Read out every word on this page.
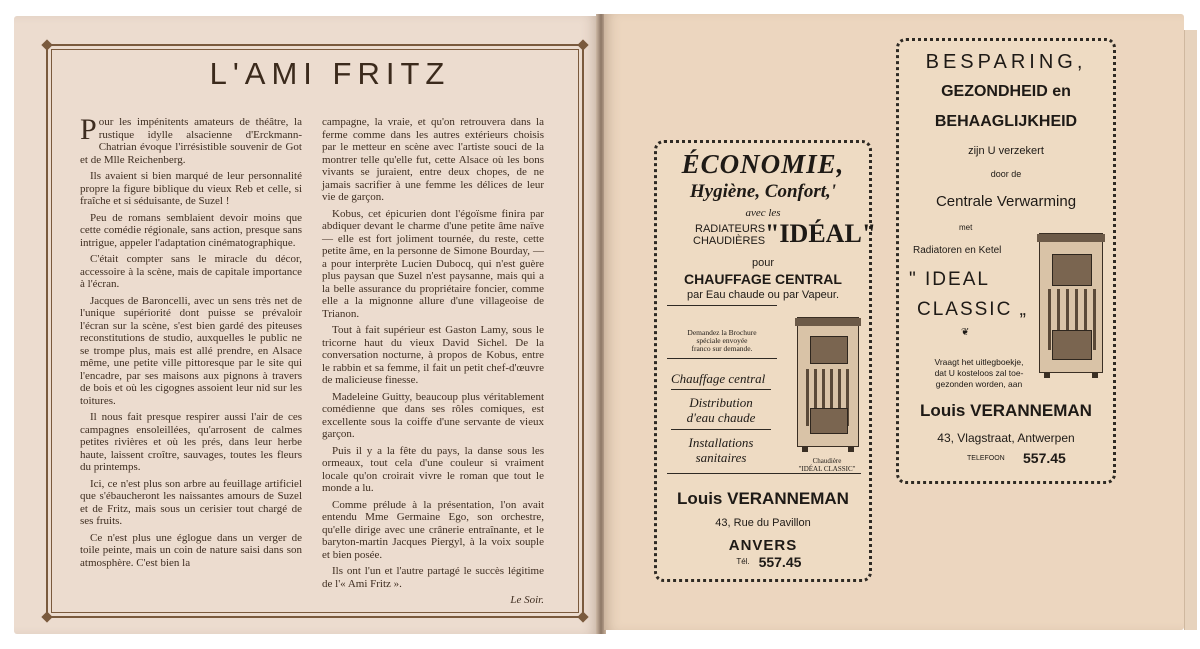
L'AMI FRITZ

Pour les impénitents amateurs de théâtre, la rustique idylle alsacienne d'Erckmann-Chatrian évoque l'irrésistible souvenir de Got et de Mlle Reichenberg.

Ils avaient si bien marqué de leur personnalité propre la figure biblique du vieux Reb et celle, si fraîche et si séduisante, de Suzel !

Peu de romans semblaient devoir moins que cette comédie régionale, sans action, presque sans intrigue, appeler l'adaptation cinématographique.

C'était compter sans le miracle du décor, accessoire à la scène, mais de capitale importance à l'écran.

Jacques de Baroncelli, avec un sens très net de l'unique supériorité dont puisse se prévaloir l'écran sur la scène, s'est bien gardé des piteuses reconstitutions de studio, auxquelles le public ne se trompe plus, mais est allé prendre, en Alsace même, une petite ville pittoresque par le site qui l'encadre, par ses maisons aux pignons à travers de bois et où les cigognes assoient leur nid sur les toitures.

Il nous fait presque respirer aussi l'air de ces campagnes ensoleillées, qu'arrosent de calmes petites rivières et où les prés, dans leur herbe haute, laissent croître, sauvages, toutes les fleurs du printemps.

Ici, ce n'est plus son arbre au feuillage artificiel que s'ébaucheront les naissantes amours de Suzel et de Fritz, mais sous un cerisier tout chargé de ses fruits.

Ce n'est plus une églogue dans un verger de toile peinte, mais un coin de nature saisi dans son atmosphère. C'est bien la

campagne, la vraie, et qu'on retrouvera dans la ferme comme dans les autres extérieurs choisis par le metteur en scène avec l'artiste souci de la montrer telle qu'elle fut, cette Alsace où les bons vivants se juraient, entre deux chopes, de ne jamais sacrifier à une femme les délices de leur vie de garçon.

Kobus, cet épicurien dont l'égoïsme finira par abdiquer devant le charme d'une petite âme naïve — elle est fort joliment tournée, du reste, cette petite âme, en la personne de Simone Bourday, — a pour interprète Lucien Dubocq, qui n'est guère plus paysan que Suzel n'est paysanne, mais qui a la belle assurance du propriétaire foncier, comme elle a la mignonne allure d'une villageoise de Trianon.

Tout à fait supérieur est Gaston Lamy, sous le tricorne haut du vieux David Sichel. De la conversation nocturne, à propos de Kobus, entre le rabbin et sa femme, il fait un petit chef-d'œuvre de malicieuse finesse.

Madeleine Guitty, beaucoup plus véritablement comédienne que dans ses rôles comiques, est excellente sous la coiffe d'une servante de vieux garçon.

Puis il y a la fête du pays, la danse sous les ormeaux, tout cela d'une couleur si vraiment locale qu'on croirait vivre le roman que tout le monde a lu.

Comme prélude à la présentation, l'on avait entendu Mme Germaine Ego, son orchestre, qu'elle dirige avec une crânerie entraînante, et le baryton-martin Jacques Piergyl, à la voix souple et bien posée.

Ils ont l'un et l'autre partagé le succès légitime de l'« Ami Fritz ».

Le Soir.
ÉCONOMIE,
Hygiène, Confort,'
avec les
RADIATEURS
CHAUDIÈRES "IDÉAL"
pour
CHAUFFAGE CENTRAL
par Eau chaude ou par Vapeur.
Demandez la Brochure
spéciale envoyée
franco sur demande.
Chauffage central
Distribution
d'eau chaude
Installations
sanitaires	Chaudière
"IDÉAL CLASSIC"
Louis VERANNEMAN
43, Rue du Pavillon
ANVERS
Tél. 557.45
BESPARING,
GEZONDHEID en
BEHAAGLIJKHEID
zijn U verzekert
door de
Centrale Verwarming
met
Radiatoren en Ketel
" IDEAL
CLASSIC „
❦
Vraagt het uitlegboekje,
dat U kosteloos zal toe-
gezonden worden, aan
Louis VERANNEMAN
43, Vlagstraat, Antwerpen
TELEFOON 557.45
